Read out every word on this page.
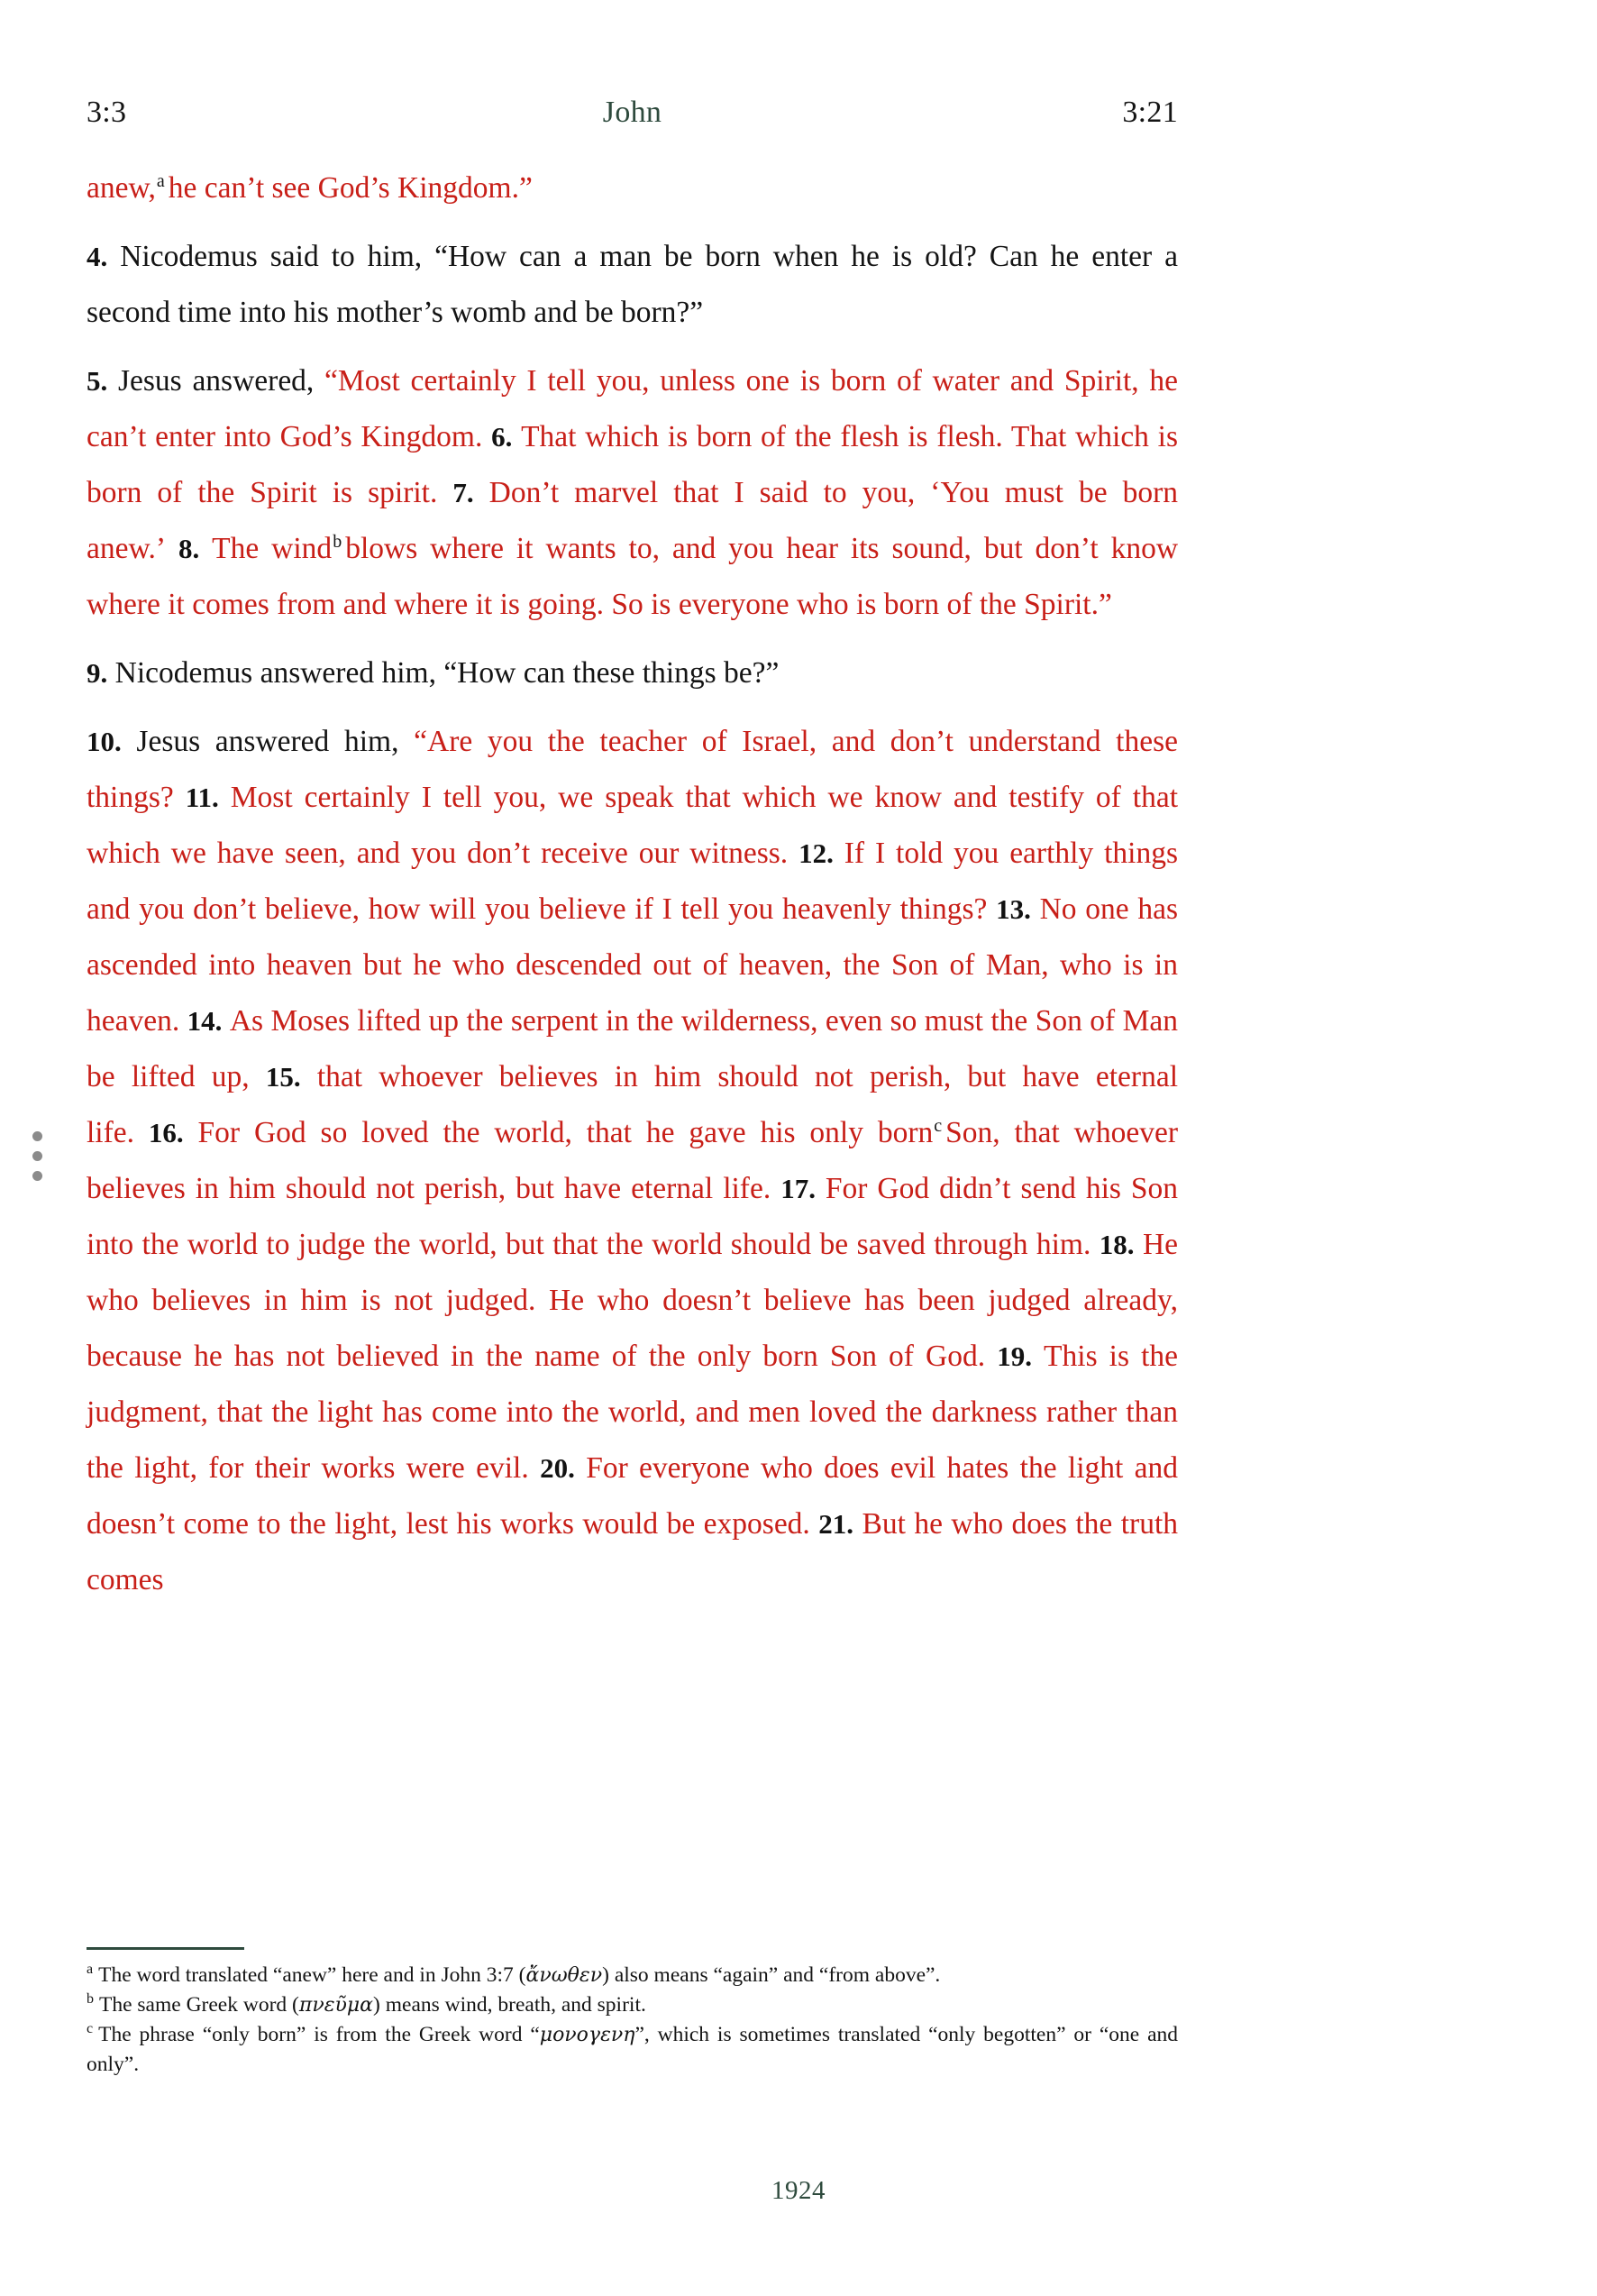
3:3	John	3:21

anew,$^a$ he can’t see God’s Kingdom.”

4. Nicodemus said to him, “How can a man be born when he is old? Can he enter a second time into his mother’s womb and be born?”

5. Jesus answered, “Most certainly I tell you, unless one is born of water and Spirit, he can’t enter into God’s Kingdom. 6. That which is born of the flesh is flesh. That which is born of the Spirit is spirit. 7. Don’t marvel that I said to you, ‘You must be born anew.’ 8. The wind$^b$ blows where it wants to, and you hear its sound, but don’t know where it comes from and where it is going. So is everyone who is born of the Spirit.”

9. Nicodemus answered him, “How can these things be?”

10. Jesus answered him, “Are you the teacher of Israel, and don’t understand these things? 11. Most certainly I tell you, we speak that which we know and testify of that which we have seen, and you don’t receive our witness. 12. If I told you earthly things and you don’t believe, how will you believe if I tell you heavenly things? 13. No one has ascended into heaven but he who descended out of heaven, the Son of Man, who is in heaven. 14. As Moses lifted up the serpent in the wilderness, even so must the Son of Man be lifted up, 15. that whoever believes in him should not perish, but have eternal life. 16. For God so loved the world, that he gave his only born$^c$ Son, that whoever believes in him should not perish, but have eternal life. 17. For God didn’t send his Son into the world to judge the world, but that the world should be saved through him. 18. He who believes in him is not judged. He who doesn’t believe has been judged already, because he has not believed in the name of the only born Son of God. 19. This is the judgment, that the light has come into the world, and men loved the darkness rather than the light, for their works were evil. 20. For everyone who does evil hates the light and doesn’t come to the light, lest his works would be exposed. 21. But he who does the truth comes

$^a$ The word translated “anew” here and in John 3:7 (ἄνωθεν) also means “again” and “from above”.

$^b$ The same Greek word (πνεῦμα) means wind, breath, and spirit.

$^c$ The phrase “only born” is from the Greek word “μονογενη”, which is sometimes translated “only begotten” or “one and only”.

1924
